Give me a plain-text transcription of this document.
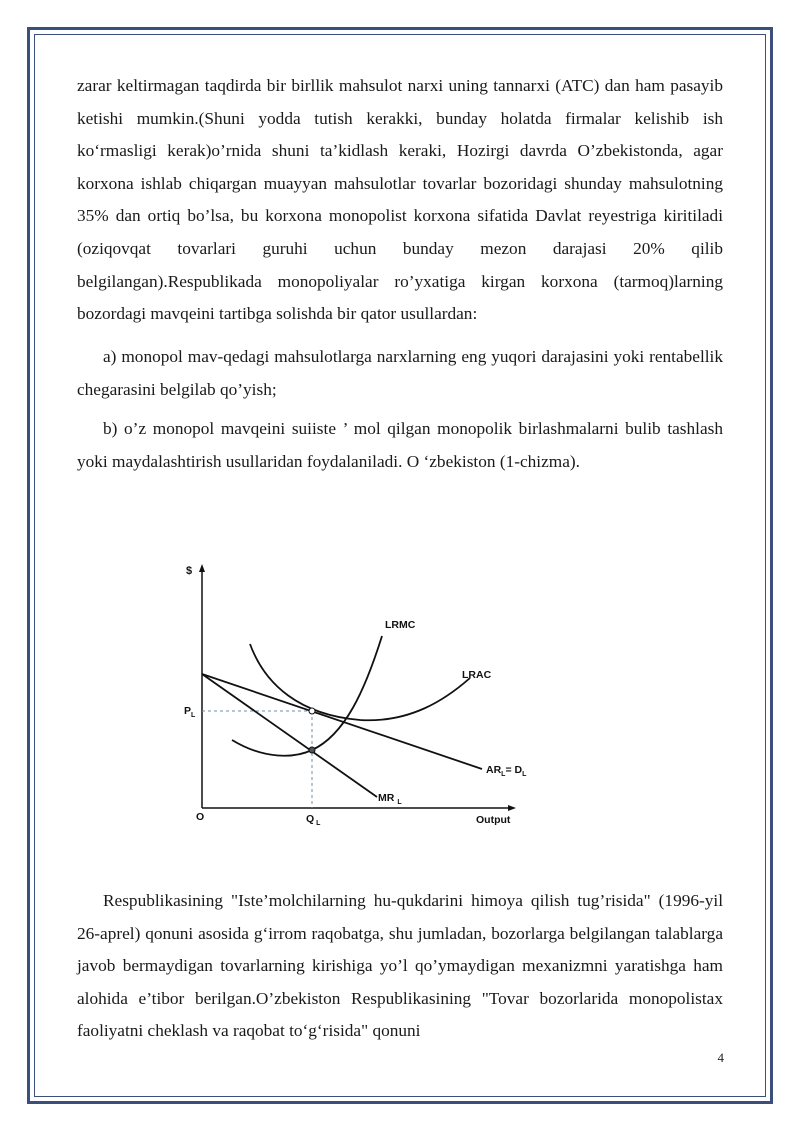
zarar keltirmagan taqdirda bir birllik mahsulot narxi uning tannarxi (ATC) dan ham pasayib ketishi mumkin.(Shuni yodda tutish kerakki, bunday holatda firmalar kelishib ish ko‘rmasligi kerak)o’rnida shuni ta’kidlash keraki, Hozirgi davrda O’zbekistonda, agar korxona ishlab chiqargan muayyan mahsulotlar tovarlar bozoridagi shunday mahsulotning 35% dan ortiq bo’lsa, bu korxona monopolist korxona sifatida Davlat reyestriga kiritiladi (oziqovqat tovarlari guruhi uchun bunday mezon darajasi 20% qilib belgilangan).Respublikada monopoliyalar ro’yxatiga kirgan korxona (tarmoq)larning bozordagi mavqeini tartibga solishda bir qator usullardan:

a) monopol mav-qedagi mahsulotlarga narxlarning eng yuqori darajasini yoki rentabellik chegarasini belgilab qo’yish;

b) o’z monopol mavqeini suiiste ’ mol qilgan monopolik birlashmalarni bulib tashlash yoki maydalashtirish usullaridan foydalaniladi. O ‘zbekiston (1-chizma).

$
LRMC
LRAC
$P_L$
$AR_L= D_L$
MR $_L$
O	Q $_L$	Output

Respublikasining "Iste’molchilarning hu-qukdarini himoya qilish tug’risida" (1996-yil 26-aprel) qonuni asosida g‘irrom raqobatga, shu jumladan, bozorlarga belgilangan talablarga javob bermaydigan tovarlarning kirishiga yo’l qo’ymaydigan mexanizmni yaratishga ham alohida e’tibor berilgan.O’zbekiston Respublikasining "Tovar bozorlarida monopolistax faoliyatni cheklash va raqobat to‘g‘risida" qonuni

4
